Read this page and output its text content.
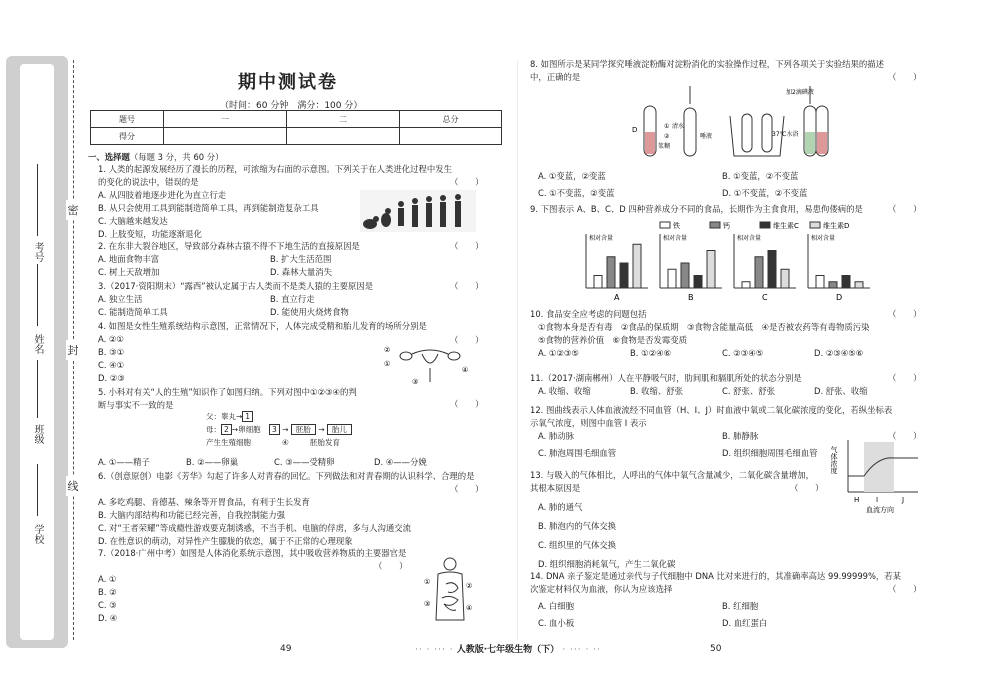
学校
班级
姓名
考号
密
封
线
期中测试卷
（时间：60 分钟　满分：100 分）
题号	一	二	总分
得分			
一、选择题（每题 3 分，共 60 分）
1. 人类的起源发展经历了漫长的历程，可浓缩为右面的示意图。下列关于在人类进化过程中发生
的变化的说法中，错误的是
A. 从四肢着地逐步进化为直立行走
B. 从只会使用工具到能制造简单工具，再到能制造复杂工具
C. 大脑越来越发达
D. 上肢变短，功能逐渐退化
（　　）
2. 在东非大裂谷地区，导致部分森林古猿不得不下地生活的直接原因是
A. 地面食物丰富	B. 扩大生活范围
C. 树上天敌增加	D. 森林大量消失
（　　）
3.（2017·资阳期末）“露西”被认定属于古人类而不是类人猿的主要原因是
A. 独立生活	B. 直立行走
C. 能制造简单工具	D. 能使用火烧烤食物
（　　）
4. 如图是女性生殖系统结构示意图，正常情况下，人体完成受精和胎儿发育的场所分别是
A. ②①
B. ③①
C. ④①
D. ②③
（　　）
②
①
③
④
5. 小科对有关“人的生殖”知识作了如图归纳。下列对图中①②③④的判
断与事实不一致的是	（　　）
父：睾丸→ 1
母： 2 →卵细胞 3 → 胚胎 → 胎儿
产生生殖细胞	④	胚胎发育
A. ①——精子	B. ②——卵巢	C. ③——受精卵	D. ④——分娩
6.（创意原创）电影《芳华》勾起了许多人对青春的回忆。下列做法和对青春期的认识科学、合理的是
A. 多吃鸡腿、肯德基、辣条等开胃食品，有利于生长发育
B. 大脑内部结构和功能已经完善，自我控制能力强
C. 对“王者荣耀”等成瘾性游戏要克制诱惑，不当手机、电脑的俘虏，多与人沟通交流
D. 在性意识的萌动，对异性产生朦胧的依恋，属于不正常的心理现象
（　　）
7.（2018·广州中考）如图是人体消化系统示意图，其中吸收营养物质的主要器官是
A. ①
B. ②
C. ③
D. ④
（　　）
①	②
③	④
8. 如图所示是某同学探究唾液淀粉酶对淀粉消化的实验操作过程，下列各项关于实验结果的描述
中，正确的是	（　　）
D
浆糊
①
②
清水
唾液	37℃水浴
加2滴碘液
A. ①变蓝，②变蓝	B. ①变蓝，②不变蓝
C. ①不变蓝，②变蓝	D. ①不变蓝，②不变蓝
9. 下图表示 A、B、C、D 四种营养成分不同的食品，长期作为主食食用，易患佝偻病的是	（　　）
铁	钙	维生素C	维生素D
相对含量
A
相对含量
B
相对含量
C
相对含量
D
10. 食品安全应考虑的问题包括
①食物本身是否有毒　②食品的保质期　③食物含能量高低　④是否被农药等有毒物质污染
⑤食物的营养价值　⑥食物是否发霉变质
A. ①②③⑤	B. ①②④⑥	C. ②③④⑤	D. ②③④⑤⑥
（　　）
11.（2017·湖南郴州）人在平静吸气时，肋间肌和膈肌所处的状态分别是
A. 收缩、收缩	B. 收缩、舒张	C. 舒张、舒张	D. 舒张、收缩
（　　）
12. 图曲线表示人体血液流经不同血管（H、I、J）时血液中氧或二氧化碳浓度的变化，若纵坐标表
示氧气浓度，则图中血管 I 表示
A. 肺动脉	B. 肺静脉
C. 肺泡周围毛细血管	D. 组织细胞周围毛细血管
（　　）
气体浓度
H I	J
血流方向
13. 与吸入的气体相比，人呼出的气体中氧气含量减少，二氧化碳含量增加，
其根本原因是
A. 肺的通气
B. 肺泡内的气体交换
C. 组织里的气体交换
D. 组织细胞消耗氧气，产生二氧化碳
（　　）
14. DNA 亲子鉴定是通过亲代与子代细胞中 DNA 比对来进行的，其准确率高达 99.99999%，若某
次鉴定材料仅为血液，你认为应该选择
A. 白细胞	B. 红细胞
C. 血小板	D. 血红蛋白
（　　）
49	·· · ··· · 人教版·七年级生物（下） · ··· · ··	50
